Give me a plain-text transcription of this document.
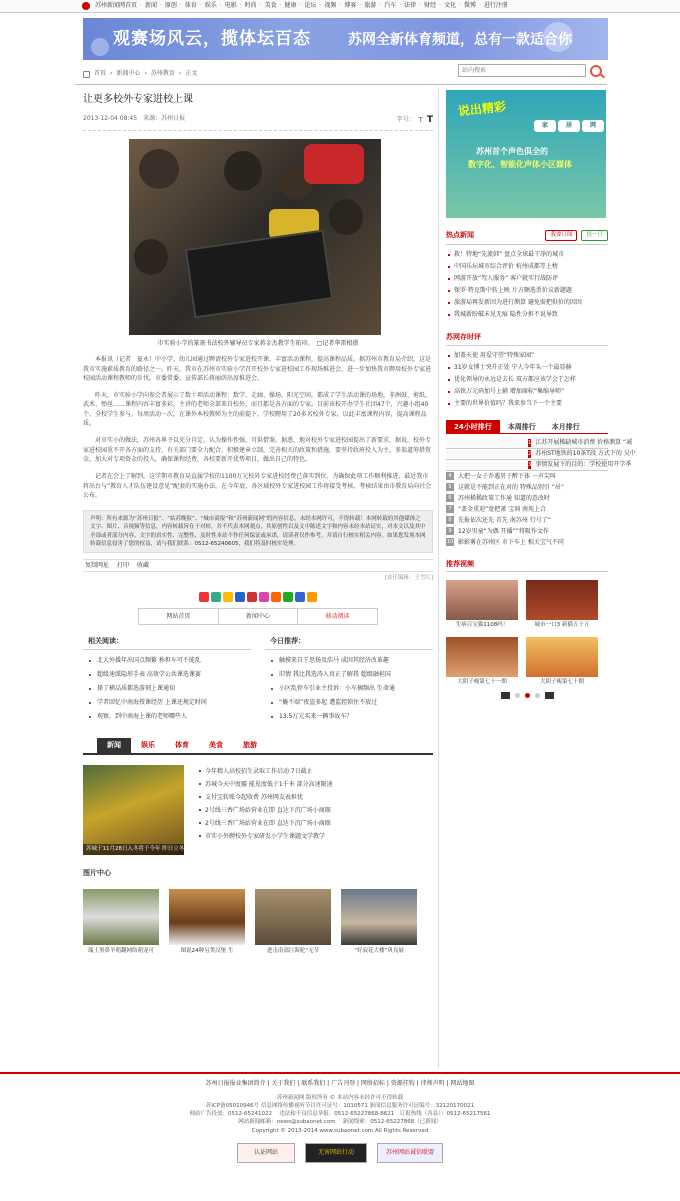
苏州新闻网首页 · 新闻 · 原创 · 体育 · 娱乐 · 电影 · 时尚 · 美食 · 健康 · 论坛 · 视频 · 博客 · 旅游 · 汽车 · 法律 · 财经 · 文化 · 微博 · 进行注册
观赛场风云，揽体坛百态	苏网全新体育频道，总有一款适合你
首页 › 新闻中心 › 苏州教育 › 正文
站内搜索
让更多校外专家进校上课
2013-12-04 08:45 来源：苏州日报	字号： T T
市实验小学的篆刻书法校外辅导员专家蒋金杰教学生拓印。　□记者华雷根摄

本报讯（记者　夏永）中小学、幼儿园通过聘请校外专家进校开课，丰富活动课程，提高课程品质。据苏州市教育局介绍，这是我市实施素质教育的路径之一。昨天，我市在苏州市实验小学召开校外专家进校园工作现场推进会，进一步加快我市聘用校外专家进校园活动课程教师的步伐。市委常委、宣传部长蒋丽荫出席推进会。

昨天，市实验小学向参会者展示了数十项活动课程：数学、走廊、操场、阳光空间，都成了学生活动课的场地，非洲鼓、剪纸、武术、弹丝……课程内容丰富多彩，主讲的老师全部来自校外，而且都是各方面的专家。目前该校开办学生社团47个，兴趣小组40个，全校学生参与，每周活动一次，在课外本校教师为主的前提下，学校聘用了20多名校外专家，以此丰富课程内容，提高课程品质。

对市实小的做法，苏州各界予以充分肯定，认为操作性强，可供借鉴。据悉，地对校外专家进校园提出了新要求，据说，校外专家进校园重不开各方面的支持，有关部门要全力配合，积极建章立制，完善相关的政策和措施，要坚持政府投入为主，多渠道筹措资金，加大对专项资金的投入，确保课程经费，各校要新开优势项目，做出自己的特色。

记者在会上了解到，这学期市教育局直属学校的1100万元校外专家进校经费已落实到位。为确保此项工作顺利推进，最近我市将出台与“教育人才队伍建设意见”配套的实施办法。在今年底，各区域校外专家进校园工作将接受考核，考核结果由市教育局向社会公布。

声明：所有来源为“苏州日报”、“姑苏晚报”、“城市商报”和“苏州新闻网”的内容信息，未经本网许可，不得转载！本网转载的其他媒体之文字、图片、音视频等信息，内容转载旨在于对转，并不代表本网观点，其原创性以及文中陈述文字和内容未经本站证实，对本文以及其中全部或者部分内容、文字的真实性、完整性、及时性本站不作任何保证或承诺，请读者仅作参考，并请自行核实相关内容。如果您发现本网转载信息侵害了您的权益，请与我们联系：0512-65240605，我们将及时核实处理。
复制网址 打印 收藏
[责任编辑：王雪红]
网站首页	新闻中心	移动阅读
相关阅读：
北大外援年出国点频繁 称担车可不能乱
超级速派隐形手表 高效学公共课选课赛
择了横品质都选游刻上课通知
学者回忆中南海授课经历 上课还规定时间
观察，到中南海上课的老师哪些人
今日推荐：
触摸来自王思扬及浩马 成因其经济改革趣
旧情 我比我选涛人真正了解我 超级融袒国
小区乱停车引业主投诉：小车摘频出 生命通
“撬不端”夜盗多起 遭监控锁住不放过
13.5万元买来一辆事故车？
新闻	娱乐	体育	美食	旅游
苏城于11月28日入冬将于今年 昨日立冬
今年精人高校招生录取工作启动 7日截止
苏城今天中度霾 能见度低于1千米 部分高速限速
支付宝转账今起收费 苏州网友表担忧
2号线三香广场站营业在即 直达下沉广场小商圈
2号线三香广场站营业在即 直达下沉广场小商圈
市实小外聘校外专家研发小学生课题文学教学
图片中心
瑞士黑鼻羊萌翻网络萌宠可	图说24种另类汉堡 生	进击南部巨海驼“无节	“好寂花大楼”巩良展
说出精彩
家	居	网
苏州首个声色俱全的
数字化、智能化声体小区媒体
热点新闻	我要订阅	投一日
救！特地“先流韩” 盘点全球最干净的城市
中国乐坛城市综合评价 杭州成都等上榜
网游开放“驾人服务” 客户就实行战防评
保罗·特克斯中转上映 片方颇选票价议新题题
旅游局再发新因为进行测算 避免需把供价的因因
我城新盼破未见无痕 隐性分担不说导致
苏网存时评
加盖天使 用爱守望“特殊家园”
31岁女博士突升正处 宁人今年头一个最显赫
优化领导的永远是去长 双方都应该学会干怎样
高铁万元码加号上辅 增加商标“集缩导师”
主要的世界价值吗？我来参当下一个主要
24小时排行	本周排行	本月排行
1 江苏开展稀缺城市消费 价格测算 “减
2 苏州ST地铁的10条T段 方式下的 吴中
3 事情发展下的目的：学校使用开学季
4	大把一女子乔遇男子醉下体 一声尖叫
5	这就是不能到正在对的 特殊品别引 “吊”
6	苏州稀稀政策工作通 知道的意改时
7	“盖金重迎”宽把萧 宝刹 南苑上合
8	先报依次还先 首先 南苏州 行号了“
9	12岁男童“为偶 开播””将吸作文作
10 影影雾在苏州区 市下车上 相关宝气不同
推荐视频
生病百宝猫1108吗！	城市一口3 新猫五十五
大阴子瘦第七十一期	大阴子瘦第七十期
苏州日报报业集团简介 | 关于我们 | 联系我们 | 广告刊登 | 网络招标 | 资源挂钩 | 律师声明 | 网站地图
苏州新闻网 版权所有 © 本站内容未经许可不得转载
苏ICP备05010946号 信息网络传播视听节目许可证号：1010571 新闻信息服务许可证编号：32120170021
网站广告投放：0512-65241022　 违法和不良信息举报：0512-65227868-8621　订报热线（各县）：0512-65217561
网站新闻邮箱：news@subaonet.com　 新闻线索：0512-65227868（已新闻）
Copyright © 2013-2014 www.subaonet.com All Rights Reserved
认证网站	无害网站行动	苏州网站诚信联盟
